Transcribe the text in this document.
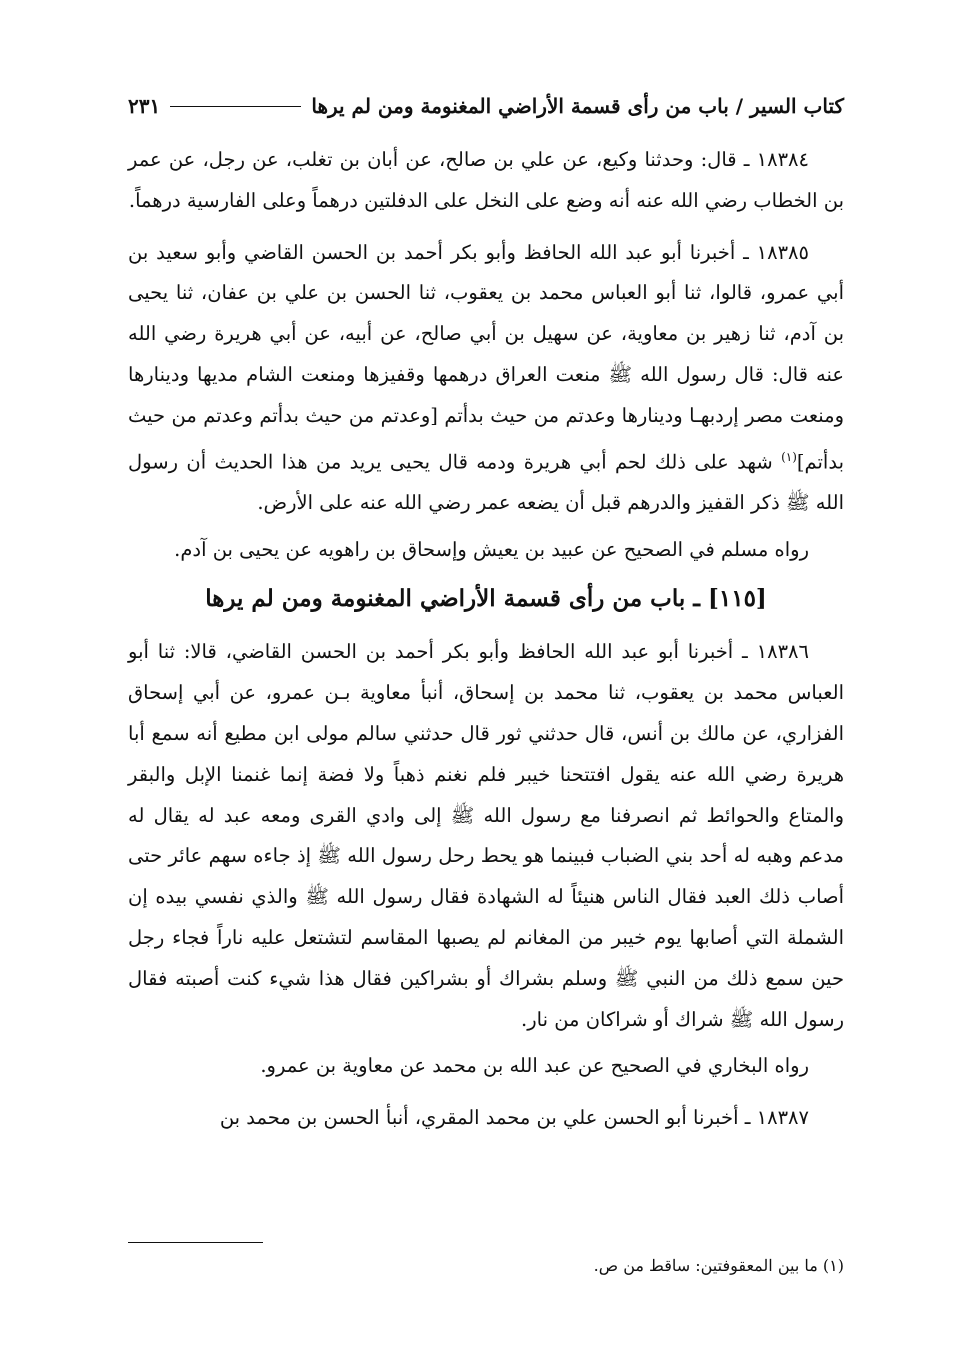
كتاب السير / باب من رأى قسمة الأراضي المغنومة ومن لم يرها
٢٣١

١٨٣٨٤ ـ قال: وحدثنا وكيع، عن علي بن صالح، عن أبان بن تغلب، عن رجل، عن عمر بن الخطاب رضي الله عنه أنه وضع على النخل على الدفلتين درهماً وعلى الفارسية درهماً.

١٨٣٨٥ ـ أخبرنا أبو عبد الله الحافظ وأبو بكر أحمد بن الحسن القاضي وأبو سعيد بن أبي عمرو، قالوا، ثنا أبو العباس محمد بن يعقوب، ثنا الحسن بن علي بن عفان، ثنا يحيى بن آدم، ثنا زهير بن معاوية، عن سهيل بن أبي صالح، عن أبيه، عن أبي هريرة رضي الله عنه قال: قال رسول الله ﷺ منعت العراق درهمها وقفيزها ومنعت الشام مديها ودينارها ومنعت مصر إردبهـا ودينارها وعدتم من حيث بدأتم [وعدتم من حيث بدأتم وعدتم من حيث بدأتم]$^{(١)}$ شهد على ذلك لحم أبي هريرة ودمه قال يحيى يريد من هذا الحديث أن رسول الله ﷺ ذكر القفيز والدرهم قبل أن يضعه عمر رضي الله عنه على الأرض.

رواه مسلم في الصحيح عن عبيد بن يعيش وإسحاق بن راهويه عن يحيى بن آدم.

[١١٥] ـ باب من رأى قسمة الأراضي المغنومة ومن لم يرها

١٨٣٨٦ ـ أخبرنا أبو عبد الله الحافظ وأبو بكر أحمد بن الحسن القاضي، قالا: ثنا أبو العباس محمد بن يعقوب، ثنا محمد بن إسحاق، أنبأ معاوية بـن عمرو، عن أبي إسحاق الفزاري، عن مالك بن أنس، قال حدثني ثور قال حدثني سالم مولى ابن مطيع أنه سمع أبا هريرة رضي الله عنه يقول افتتحنا خيبر فلم نغنم ذهباً ولا فضة إنما غنمنا الإبل والبقر والمتاع والحوائط ثم انصرفنا مع رسول الله ﷺ إلى وادي القرى ومعه عبد له يقال له مدعم وهبه له أحد بني الضباب فبينما هو يحط رحل رسول الله ﷺ إذ جاءه سهم عائر حتى أصاب ذلك العبد فقال الناس هنيئاً له الشهادة فقال رسول الله ﷺ والذي نفسي بيده إن الشملة التي أصابها يوم خيبر من المغانم لم يصبها المقاسم لتشتعل عليه ناراً فجاء رجل حين سمع ذلك من النبي ﷺ وسلم بشراك أو بشراكين فقال هذا شيء كنت أصبته فقال رسول الله ﷺ شراك أو شراكان من نار.

رواه البخاري في الصحيح عن عبد الله بن محمد عن معاوية بن عمرو.

١٨٣٨٧ ـ أخبرنا أبو الحسن علي بن محمد المقري، أنبأ الحسن بن محمد بن

(١) ما بين المعقوفتين: ساقط من ص.
